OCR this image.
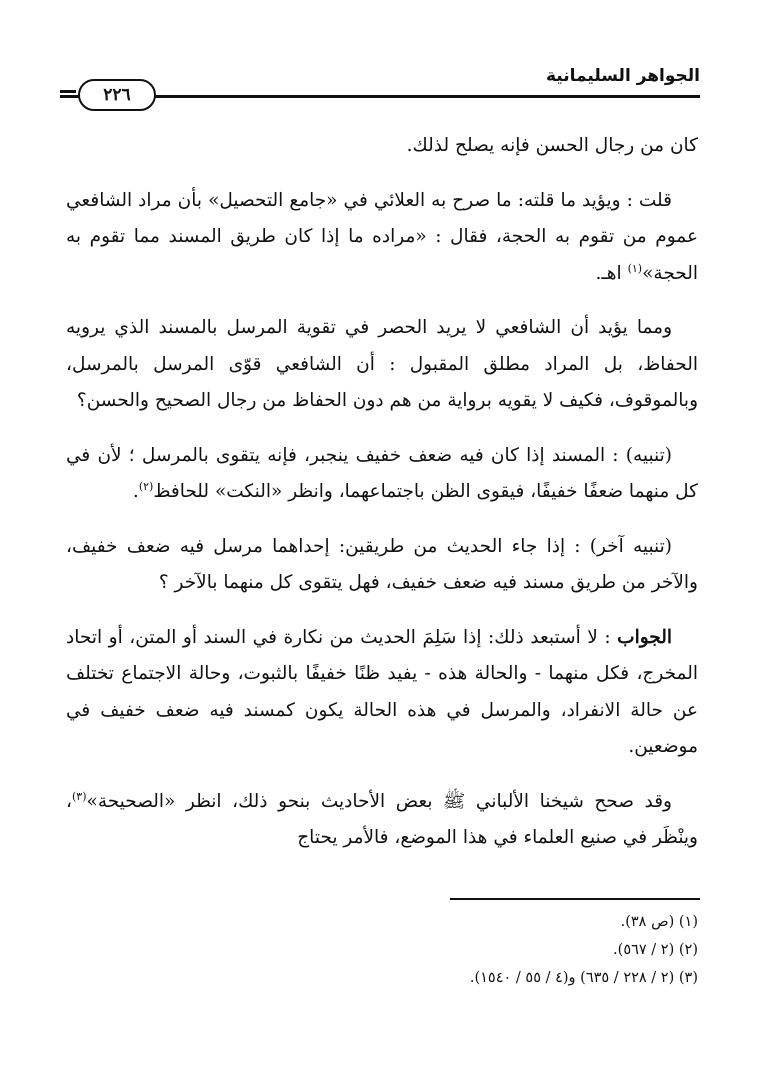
٢٢٦
الجواهر السليمانية

كان من رجال الحسن فإنه يصلح لذلك.

قلت : ويؤيد ما قلته: ما صرح به العلائي في «جامع التحصيل» بأن مراد الشافعي عموم من تقوم به الحجة، فقال : «مراده ما إذا كان طريق المسند مما تقوم به الحجة»$^{(١)}$ اهـ.

ومما يؤيد أن الشافعي لا يريد الحصر في تقوية المرسل بالمسند الذي يرويه الحفاظ، بل المراد مطلق المقبول : أن الشافعي قوّى المرسل بالمرسل، وبالموقوف، فكيف لا يقويه برواية من هم دون الحفاظ من رجال الصحيح والحسن؟

(تنبيه) : المسند إذا كان فيه ضعف خفيف ينجبر، فإنه يتقوى بالمرسل ؛ لأن في كل منهما ضعفًا خفيفًا، فيقوى الظن باجتماعهما، وانظر «النكت» للحافظ$^{(٢)}$.

(تنبيه آخر) : إذا جاء الحديث من طريقين: إحداهما مرسل فيه ضعف خفيف، والآخر من طريق مسند فيه ضعف خفيف، فهل يتقوى كل منهما بالآخر ؟

الجواب : لا أستبعد ذلك: إذا سَلِمَ الحديث من نكارة في السند أو المتن، أو اتحاد المخرج، فكل منهما - والحالة هذه - يفيد ظنًا خفيفًا بالثبوت، وحالة الاجتماع تختلف عن حالة الانفراد، والمرسل في هذه الحالة يكون كمسند فيه ضعف خفيف في موضعين.

وقد صحح شيخنا الألباني ﷺ بعض الأحاديث بنحو ذلك، انظر «الصحيحة»$^{(٣)}$، وينْظَر في صنيع العلماء في هذا الموضع، فالأمر يحتاج

(١) (ص ٣٨).

(٢) (٢ / ٥٦٧).

(٣) (٢ / ٢٢٨ / ٦٣٥) و(٤ / ٥٥ / ١٥٤٠).
